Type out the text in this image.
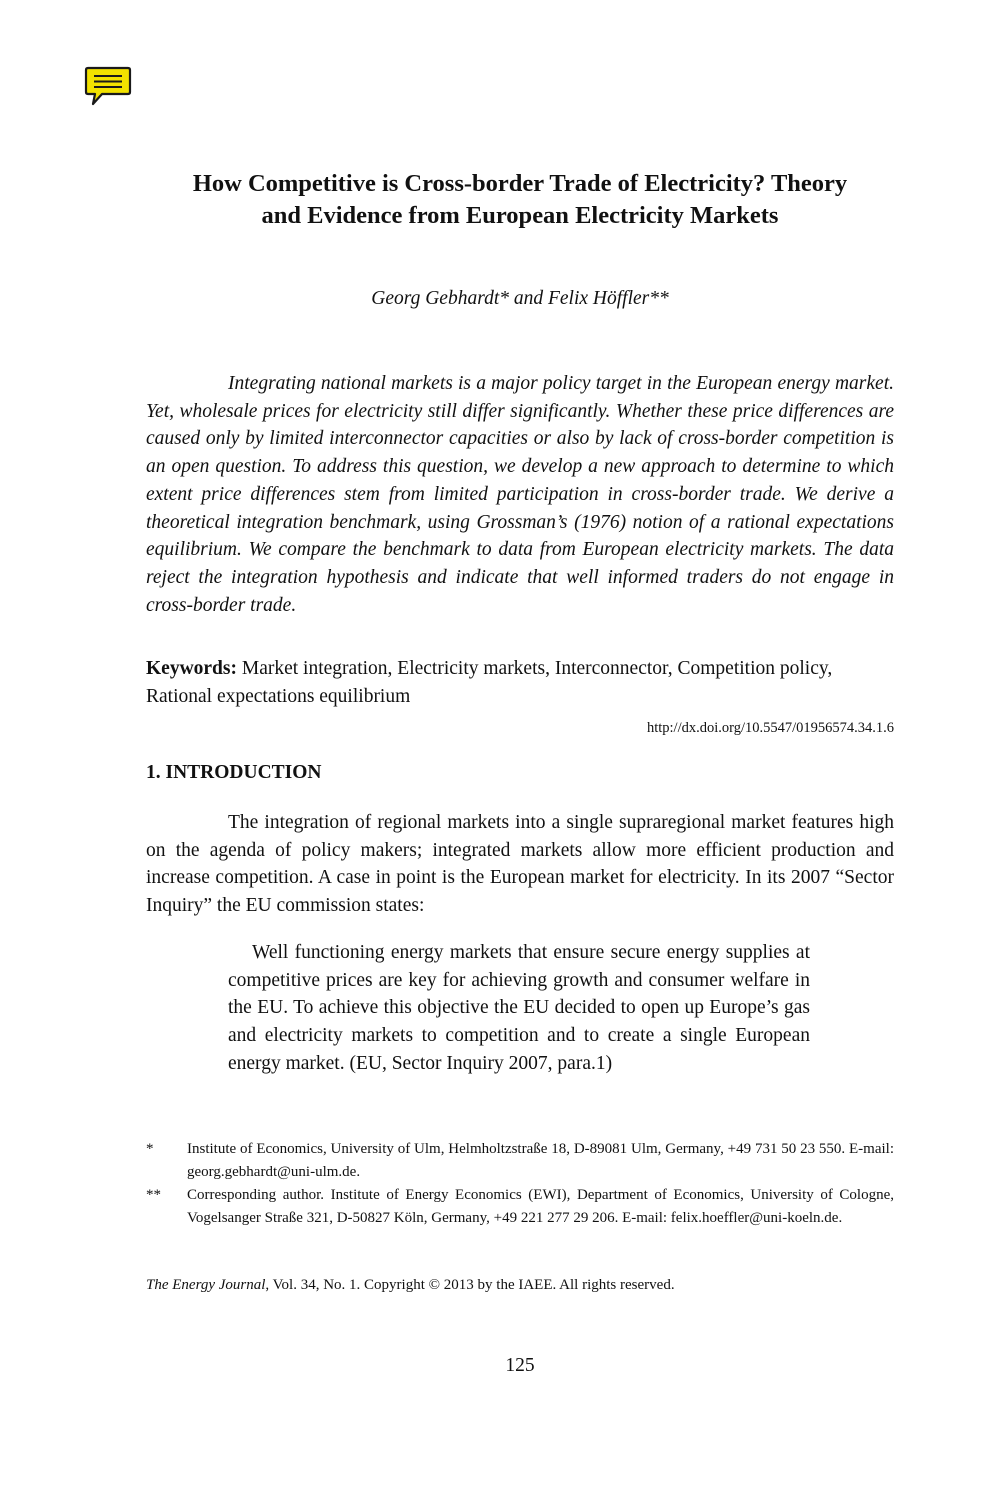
How Competitive is Cross-border Trade of Electricity? Theory
and Evidence from European Electricity Markets
Georg Gebhardt* and Felix Höffler**

Integrating national markets is a major policy target in the European energy market. Yet, wholesale prices for electricity still differ significantly. Whether these price differences are caused only by limited interconnector capacities or also by lack of cross-border competition is an open question. To address this question, we develop a new approach to determine to which extent price differences stem from limited participation in cross-border trade. We derive a theoretical integration benchmark, using Grossman’s (1976) notion of a rational expectations equilibrium. We compare the benchmark to data from European electricity markets. The data reject the integration hypothesis and indicate that well informed traders do not engage in cross-border trade.

Keywords: Market integration, Electricity markets, Interconnector, Competition policy, Rational expectations equilibrium

http://dx.doi.org/10.5547/01956574.34.1.6
1. INTRODUCTION

The integration of regional markets into a single supraregional market features high on the agenda of policy makers; integrated markets allow more efficient production and increase competition. A case in point is the European market for electricity. In its 2007 “Sector Inquiry” the EU commission states:

Well functioning energy markets that ensure secure energy supplies at competitive prices are key for achieving growth and consumer welfare in the EU. To achieve this objective the EU decided to open up Europe’s gas and electricity markets to competition and to create a single European energy market. (EU, Sector Inquiry 2007, para.1)

* Institute of Economics, University of Ulm, Helmholtzstraße 18, D-89081 Ulm, Germany, +49 731 50 23 550. E-mail: georg.gebhardt@uni-ulm.de.
** Corresponding author. Institute of Energy Economics (EWI), Department of Economics, University of Cologne, Vogelsanger Straße 321, D-50827 Köln, Germany, +49 221 277 29 206. E-mail: felix.hoeffler@uni-koeln.de.
The Energy Journal, Vol. 34, No. 1. Copyright © 2013 by the IAEE. All rights reserved.
125
